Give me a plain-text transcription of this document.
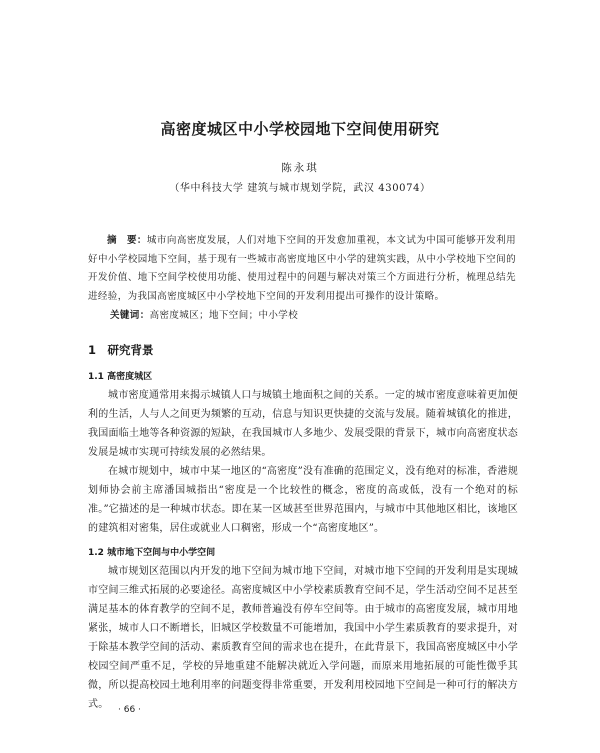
高密度城区中小学校园地下空间使用研究
陈永琪
（华中科技大学 建筑与城市规划学院，武汉 430074）
摘　要：城市向高密度发展，人们对地下空间的开发愈加重视，本文试为中国可能够开发利用好中小学校园地下空间，基于现有一些城市高密度地区中小学的建筑实践，从中小学校地下空间的开发价值、地下空间学校使用功能、使用过程中的问题与解决对策三个方面进行分析，梳理总结先进经验，为我国高密度城区中小学校地下空间的开发利用提出可操作的设计策略。
关键词：高密度城区；地下空间；中小学校
1　研究背景
1.1 高密度城区
城市密度通常用来揭示城镇人口与城镇土地面积之间的关系。一定的城市密度意味着更加便利的生活，人与人之间更为频繁的互动，信息与知识更快捷的交流与发展。随着城镇化的推进，我国面临土地等各种资源的短缺，在我国城市人多地少、发展受限的背景下，城市向高密度状态发展是城市实现可持续发展的必然结果。
在城市规划中，城市中某一地区的“高密度”没有准确的范围定义，没有绝对的标准，香港规划师协会前主席潘国城指出“密度是一个比较性的概念，密度的高或低，没有一个绝对的标准。”它描述的是一种城市状态。即在某一区域甚至世界范围内，与城市中其他地区相比，该地区的建筑相对密集，居住或就业人口稠密，形成一个“高密度地区”。
1.2 城市地下空间与中小学空间
城市规划区范围以内开发的地下空间为城市地下空间，对城市地下空间的开发利用是实现城市空间三维式拓展的必要途径。高密度城区中小学校素质教育空间不足，学生活动空间不足甚至满足基本的体育教学的空间不足，教师普遍没有停车空间等。由于城市的高密度发展，城市用地紧张，城市人口不断增长，旧城区学校数量不可能增加，我国中小学生素质教育的要求提升，对于除基本教学空间的活动、素质教育空间的需求也在提升，在此背景下，我国高密度城区中小学校园空间严重不足，学校的异地重建不能解决就近入学问题，而原来用地拓展的可能性微乎其微，所以提高校园土地利用率的问题变得非常重要，开发利用校园地下空间是一种可行的解决方式。	· 66 ·
